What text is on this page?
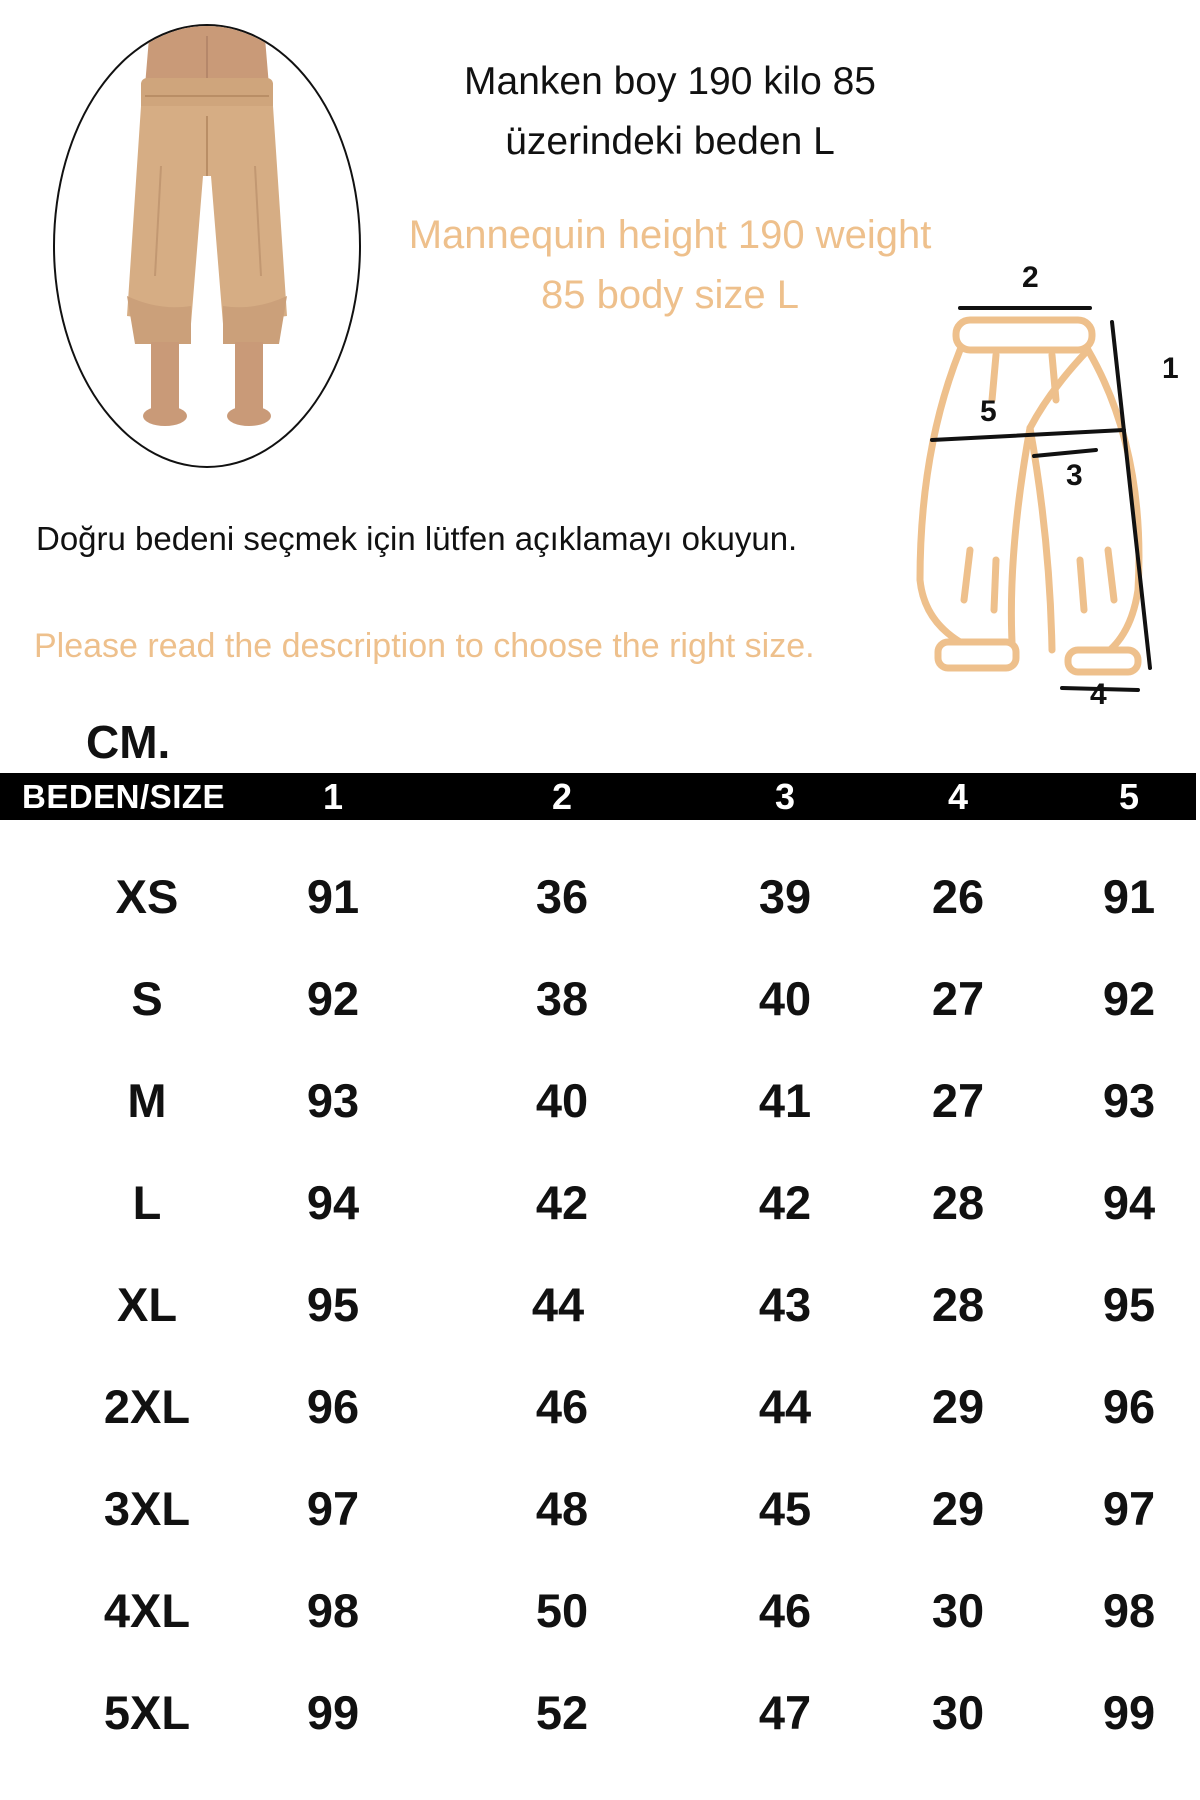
Manken boy 190 kilo 85
üzerindeki beden L
Mannequin height 190 weight
85 body size L
Doğru bedeni seçmek için lütfen açıklamayı okuyun.
Please read the description to choose the right size.
2
1
5
3
4
CM.
BEDEN/SIZE	1	2	3	4	5
XS	91	36	39	26	91
S	92	38	40	27	92
M	93	40	41	27	93
L	94	42	42	28	94
XL	95	44	43	28	95
2XL 96	46	44	29	96
3XL 97	48	45	29	97
4XL 98	50	46	30	98
5XL 99	52	47	30	99
